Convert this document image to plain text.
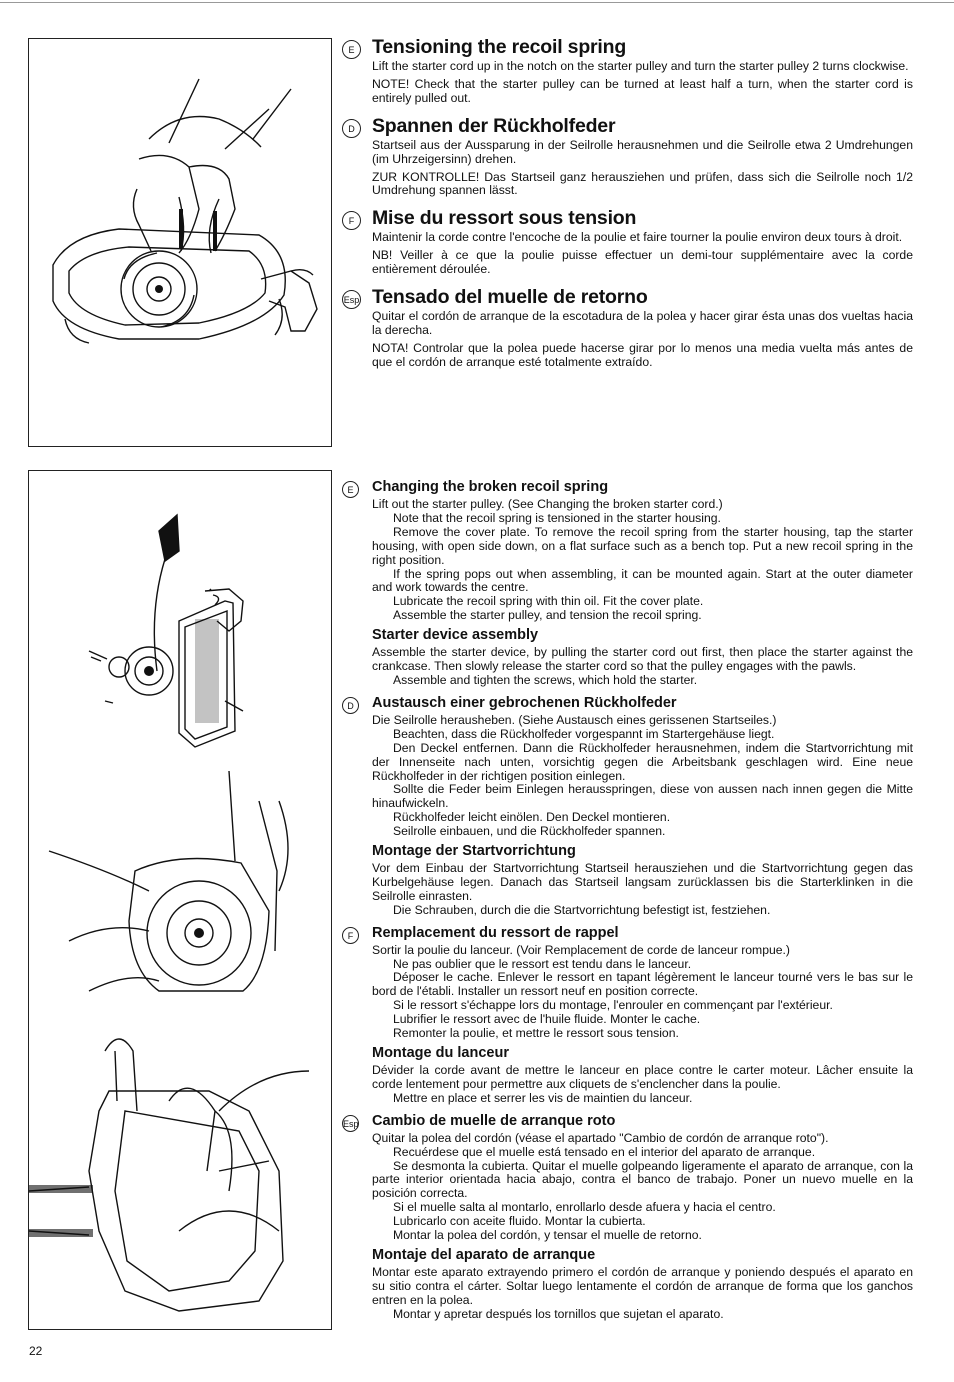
22
E Tensioning the recoil spring

Lift the starter cord up in the notch on the starter pulley and turn the starter pulley 2 turns clockwise.

NOTE! Check that the starter pulley can be turned at least half a turn, when the starter cord is entirely pulled out.

D Spannen der Rückholfeder

Startseil aus der Aussparung in der Seilrolle herausnehmen und die Seilrolle etwa 2 Umdrehungen (im Uhrzeigersinn) drehen.

ZUR KONTROLLE! Das Startseil ganz herausziehen und prüfen, dass sich die Seilrolle noch 1/2 Umdrehung spannen lässt.

F Mise du ressort sous tension

Maintenir la corde contre l'encoche de la poulie et faire tourner la poulie environ deux tours à droit.

NB! Veiller à ce que la poulie puisse effectuer un demi-tour supplémentaire avec la corde entièrement déroulée.

Esp Tensado del muelle de retorno

Quitar el cordón de arranque de la escotadura de la polea y hacer girar ésta unas dos vueltas hacia la derecha.

NOTA! Controlar que la polea puede hacerse girar por lo menos una media vuelta más antes de que el cordón de arranque esté totalmente extraído.

E	Changing the broken recoil spring

Lift out the starter pulley. (See Changing the broken starter cord.)

Note that the recoil spring is tensioned in the starter housing.

Remove the cover plate. To remove the recoil spring from the starter housing, tap the starter housing, with open side down, on a flat surface such as a bench top. Put a new recoil spring in the right position.

If the spring pops out when assembling, it can be mounted again. Start at the outer diameter and work towards the centre.

Lubricate the recoil spring with thin oil. Fit the cover plate.

Assemble the starter pulley, and tension the recoil spring.

Starter device assembly

Assemble the starter device, by pulling the starter cord out first, then place the starter against the crankcase. Then slowly release the starter cord so that the pulley engages with the pawls.

Assemble and tighten the screws, which hold the starter.

D	Austausch einer gebrochenen Rückholfeder

Die Seilrolle herausheben. (Siehe Austausch eines gerissenen Startseiles.)

Beachten, dass die Rückholfeder vorgespannt im Startergehäuse liegt.

Den Deckel entfernen. Dann die Rückholfeder herausnehmen, indem die Startvorrichtung mit der Innenseite nach unten, vorsichtig gegen die Arbeitsbank geschlagen wird. Eine neue Rückholfeder in der richtigen position einlegen.

Sollte die Feder beim Einlegen herausspringen, diese von aussen nach innen gegen die Mitte hinaufwickeln.

Rückholfeder leicht einölen. Den Deckel montieren.

Seilrolle einbauen, und die Rückholfeder spannen.

Montage der Startvorrichtung

Vor dem Einbau der Startvorrichtung Startseil herausziehen und die Startvorrichtung gegen das Kurbelgehäuse legen. Danach das Startseil langsam zurücklassen bis die Starterklinken in die Seilrolle einrasten.

Die Schrauben, durch die die Startvorrichtung befestigt ist, festziehen.

F	Remplacement du ressort de rappel

Sortir la poulie du lanceur. (Voir Remplacement de corde de lanceur rompue.)

Ne pas oublier que le ressort est tendu dans le lanceur.

Déposer le cache. Enlever le ressort en tapant légèrement le lanceur tourné vers le bas sur le bord de l'établi. Installer un ressort neuf en position correcte.

Si le ressort s'échappe lors du montage, l'enrouler en commençant par l'extérieur.

Lubrifier le ressort avec de l'huile fluide. Monter le cache.

Remonter la poulie, et mettre le ressort sous tension.

Montage du lanceur

Dévider la corde avant de mettre le lanceur en place contre le carter moteur. Lâcher ensuite la corde lentement pour permettre aux cliquets de s'enclencher dans la poulie.

Mettre en place et serrer les vis de maintien du lanceur.

Esp Cambio de muelle de arranque roto

Quitar la polea del cordón (véase el apartado "Cambio de cordón de arranque roto").

Recuérdese que el muelle está tensado en el interior del aparato de arranque.

Se desmonta la cubierta. Quitar el muelle golpeando ligeramente el aparato de arranque, con la parte interior orientada hacia abajo, contra el banco de trabajo. Poner un nuevo muelle en la posición correcta.

Si el muelle salta al montarlo, enrollarlo desde afuera y hacia el centro.

Lubricarlo con aceite fluido. Montar la cubierta.

Montar la polea del cordón, y tensar el muelle de retorno.

Montaje del aparato de arranque

Montar este aparato extrayendo primero el cordón de arranque y poniendo después el aparato en su sitio contra el cárter. Soltar luego lentamente el cordón de arranque de forma que los ganchos entren en la polea.

Montar y apretar después los tornillos que sujetan el aparato.
